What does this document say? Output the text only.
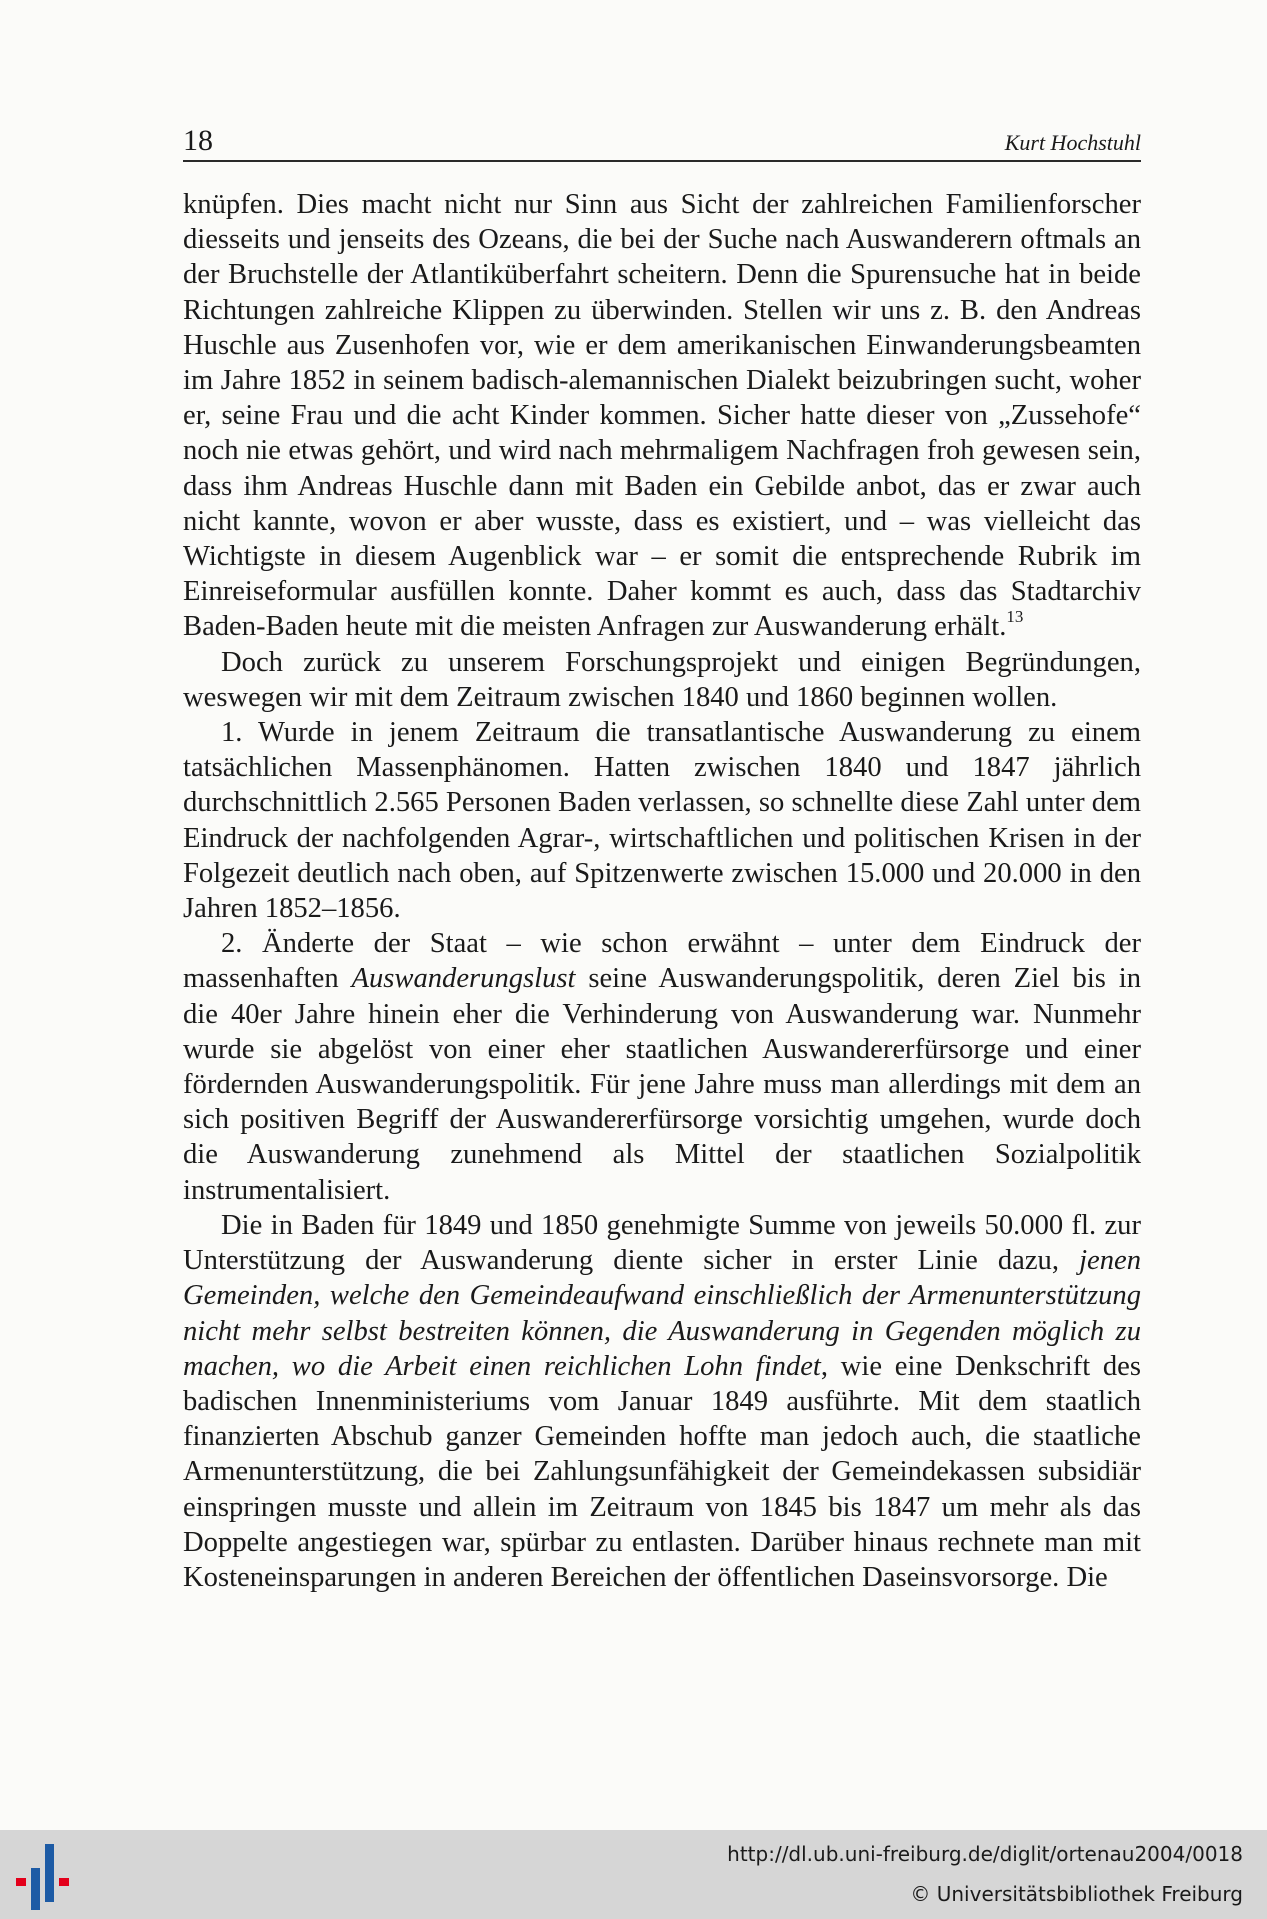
18	Kurt Hochstuhl

knüpfen. Dies macht nicht nur Sinn aus Sicht der zahlreichen Familienforscher diesseits und jenseits des Ozeans, die bei der Suche nach Auswanderern oftmals an der Bruchstelle der Atlantiküberfahrt scheitern. Denn die Spurensuche hat in beide Richtungen zahlreiche Klippen zu überwinden. Stellen wir uns z. B. den Andreas Huschle aus Zusenhofen vor, wie er dem amerikanischen Einwanderungsbeamten im Jahre 1852 in seinem badisch-alemannischen Dialekt beizubringen sucht, woher er, seine Frau und die acht Kinder kommen. Sicher hatte dieser von „Zussehofe“ noch nie etwas gehört, und wird nach mehrmaligem Nachfragen froh gewesen sein, dass ihm Andreas Huschle dann mit Baden ein Gebilde anbot, das er zwar auch nicht kannte, wovon er aber wusste, dass es existiert, und – was vielleicht das Wichtigste in diesem Augenblick war – er somit die entsprechende Rubrik im Einreiseformular ausfüllen konnte. Daher kommt es auch, dass das Stadtarchiv Baden-Baden heute mit die meisten Anfragen zur Auswanderung erhält.$^{13}$

Doch zurück zu unserem Forschungsprojekt und einigen Begründungen, weswegen wir mit dem Zeitraum zwischen 1840 und 1860 beginnen wollen.

1. Wurde in jenem Zeitraum die transatlantische Auswanderung zu einem tatsächlichen Massenphänomen. Hatten zwischen 1840 und 1847 jährlich durchschnittlich 2.565 Personen Baden verlassen, so schnellte diese Zahl unter dem Eindruck der nachfolgenden Agrar-, wirtschaftlichen und politischen Krisen in der Folgezeit deutlich nach oben, auf Spitzenwerte zwischen 15.000 und 20.000 in den Jahren 1852–1856.

2. Änderte der Staat – wie schon erwähnt – unter dem Eindruck der massenhaften Auswanderungslust seine Auswanderungspolitik, deren Ziel bis in die 40er Jahre hinein eher die Verhinderung von Auswanderung war. Nunmehr wurde sie abgelöst von einer eher staatlichen Auswandererfürsorge und einer fördernden Auswanderungspolitik. Für jene Jahre muss man allerdings mit dem an sich positiven Begriff der Auswandererfürsorge vorsichtig umgehen, wurde doch die Auswanderung zunehmend als Mittel der staatlichen Sozialpolitik instrumentalisiert.

Die in Baden für 1849 und 1850 genehmigte Summe von jeweils 50.000 fl. zur Unterstützung der Auswanderung diente sicher in erster Linie dazu, jenen Gemeinden, welche den Gemeindeaufwand einschließlich der Armenunterstützung nicht mehr selbst bestreiten können, die Auswanderung in Gegenden möglich zu machen, wo die Arbeit einen reichlichen Lohn findet, wie eine Denkschrift des badischen Innenministeriums vom Januar 1849 ausführte. Mit dem staatlich finanzierten Abschub ganzer Gemeinden hoffte man jedoch auch, die staatliche Armenunterstützung, die bei Zahlungsunfähigkeit der Gemeindekassen subsidiär einspringen musste und allein im Zeitraum von 1845 bis 1847 um mehr als das Doppelte angestiegen war, spürbar zu entlasten. Darüber hinaus rechnete man mit Kosteneinsparungen in anderen Bereichen der öffentlichen Daseinsvorsorge. Die

http://dl.ub.uni-freiburg.de/diglit/ortenau2004/0018
© Universitätsbibliothek Freiburg
